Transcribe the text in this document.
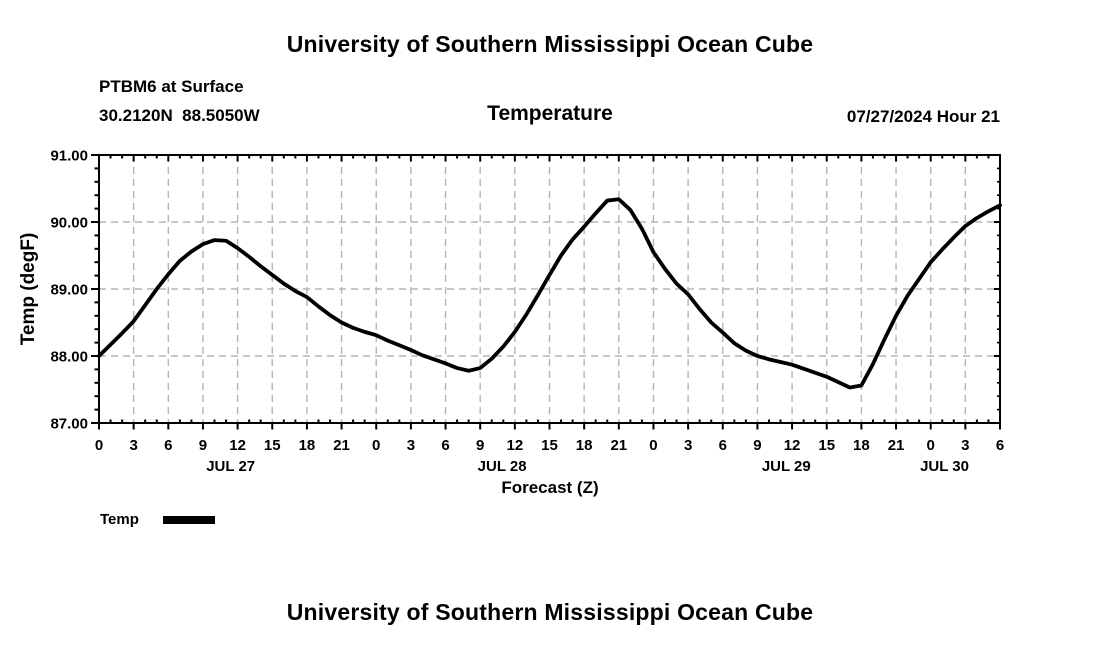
University of Southern Mississippi Ocean Cube
PTBM6 at Surface
30.2120N  88.5050W	Temperature	07/27/2024 Hour 21
Temp (degF)
87.00
88.00
89.00
90.00
91.00
0 3 6 9 12 15 18 21 0 3 6 9 12 15 18 21 0 3 6 9 12 15 18 21 0 3 6
JUL 27	JUL 28	JUL 29	JUL 30
Forecast (Z)
Temp
University of Southern Mississippi Ocean Cube
